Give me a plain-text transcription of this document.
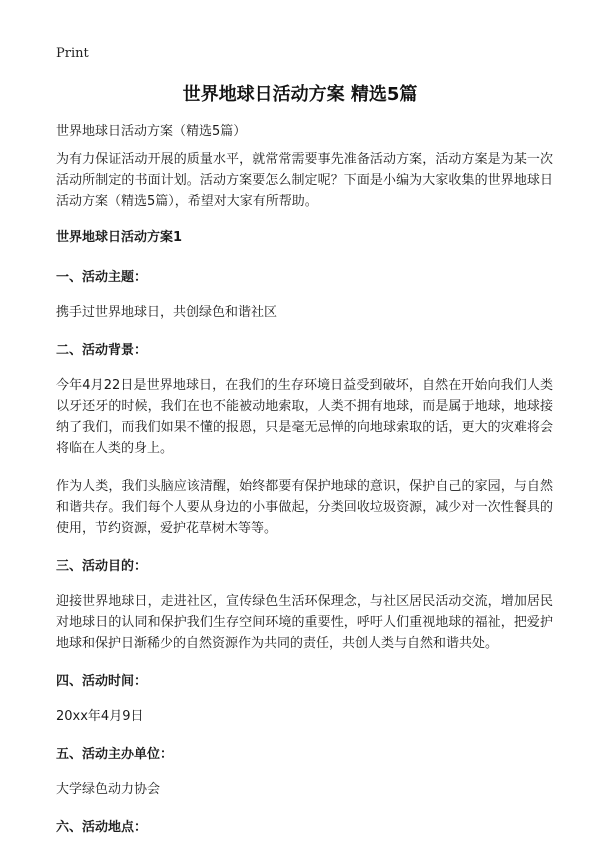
Print
世界地球日活动方案 精选5篇

世界地球日活动方案（精选5篇）

为有力保证活动开展的质量水平，就常常需要事先准备活动方案，活动方案是为某一次活动所制定的书面计划。活动方案要怎么制定呢？下面是小编为大家收集的世界地球日活动方案（精选5篇），希望对大家有所帮助。

世界地球日活动方案1

一、活动主题：

携手过世界地球日，共创绿色和谐社区

二、活动背景：

今年4月22日是世界地球日，在我们的生存环境日益受到破坏，自然在开始向我们人类以牙还牙的时候，我们在也不能被动地索取，人类不拥有地球，而是属于地球，地球接纳了我们，而我们如果不懂的报恩，只是毫无忌惮的向地球索取的话，更大的灾难将会将临在人类的身上。

作为人类，我们头脑应该清醒，始终都要有保护地球的意识，保护自己的家园，与自然和谐共存。我们每个人要从身边的小事做起，分类回收垃圾资源，减少对一次性餐具的使用，节约资源，爱护花草树木等等。

三、活动目的：

迎接世界地球日，走进社区，宣传绿色生活环保理念，与社区居民活动交流，增加居民对地球日的认同和保护我们生存空间环境的重要性，呼吁人们重视地球的福祉，把爱护地球和保护日渐稀少的自然资源作为共同的责任，共创人类与自然和谐共处。

四、活动时间：

20xx年4月9日

五、活动主办单位：

大学绿色动力协会

六、活动地点：
